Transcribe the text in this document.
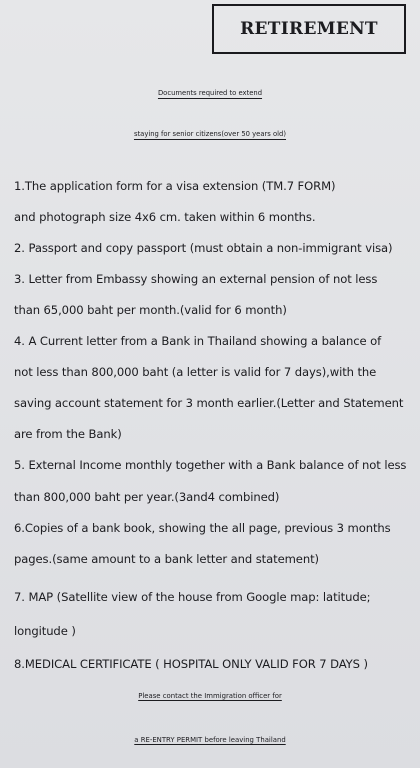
RETIREMENT
Documents required to extend
staying for senior citizens(over 50 years old)
1.The application form for a visa extension (TM.7 FORM)
and photograph size 4x6 cm. taken within 6 months.
2. Passport and copy passport (must obtain a non-immigrant visa)
3. Letter from Embassy showing an external pension of not less
than 65,000 baht per month.(valid for 6 month)
4. A Current letter from a Bank in Thailand showing a balance of
not less than 800,000 baht (a letter is valid for 7 days),with the
saving account statement for 3 month earlier.(Letter and Statement
are from the Bank)
5. External Income monthly together with a Bank balance of not less
than 800,000 baht per year.(3and4 combined)
6.Copies of a bank book, showing the all page, previous 3 months
pages.(same amount to a bank letter and statement)
7. MAP (Satellite view of the house from Google map: latitude;
longitude )
8.MEDICAL CERTIFICATE ( HOSPITAL ONLY VALID FOR 7 DAYS )
Please contact the Immigration officer for
a RE-ENTRY PERMIT before leaving Thailand
